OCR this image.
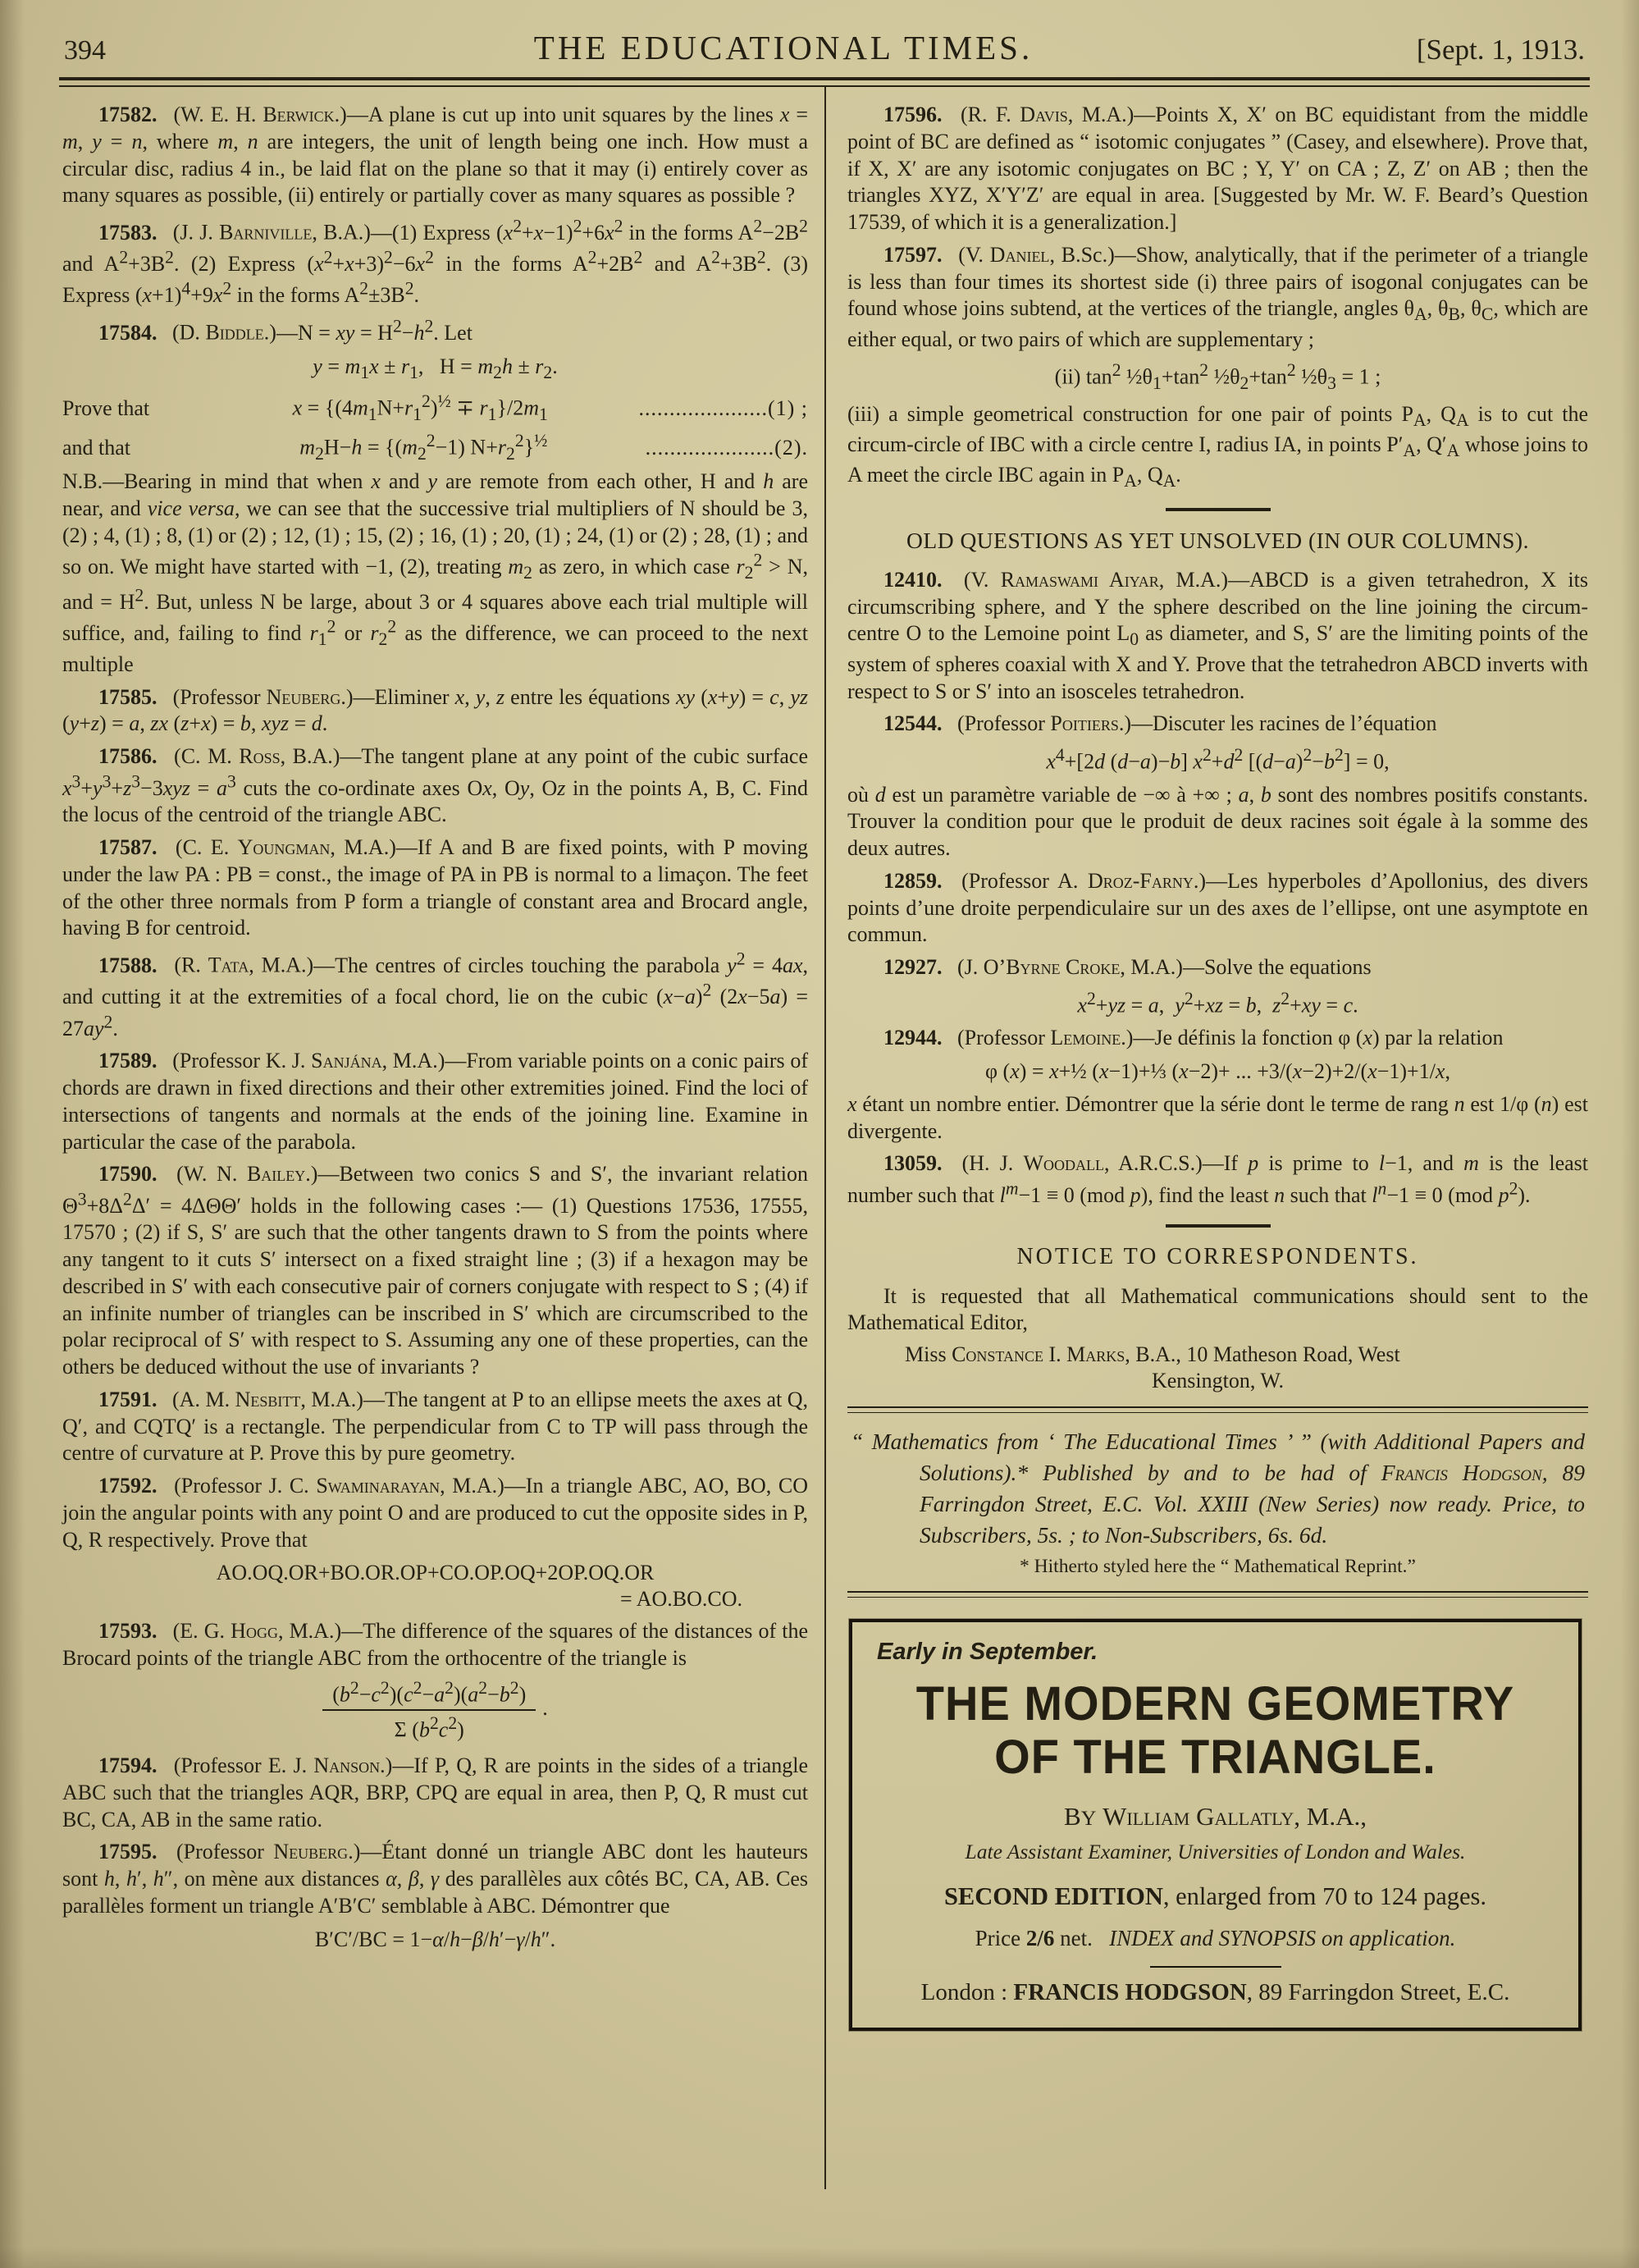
394	THE EDUCATIONAL TIMES.	[Sept. 1, 1913.

17582. (W. E. H. Berwick.)—A plane is cut up into unit squares by the lines x = m, y = n, where m, n are integers, the unit of length being one inch. How must a circular disc, radius 4 in., be laid flat on the plane so that it may (i) entirely cover as many squares as possible, (ii) entirely or partially cover as many squares as possible ?

17583. (J. J. Barniville, B.A.)—(1) Express $(x^2+x-1)^2+6x^2$ in the forms $A^2-2B^2$ and $A^2+3B^2$. (2) Express $(x^2+x+3)^2-6x^2$ in the forms $A^2+2B^2$ and $A^2+3B^2$. (3) Express $(x+1)^4+9x^2$ in the forms $A^2\pm 3B^2$.

17584. (D. Biddle.)—N = xy = $H^2-h^2$. Let

$y = m_1x \pm r_1$,   $H = m_2h \pm r_2$.
Prove that	$x = \{(4m_1N+r_1^2)^{\frac{1}{2}} \mp r_1\}/2m_1$	.....................(1) ;
and that	$m_2H-h = \{(m_2^2-1)$ $N+r_2^2\}^{\frac{1}{2}}$	.....................(2).

N.B.—Bearing in mind that when x and y are remote from each other, H and h are near, and vice versa, we can see that the successive trial multipliers of N should be 3, (2) ; 4, (1) ; 8, (1) or (2) ; 12, (1) ; 15, (2) ; 16, (1) ; 20, (1) ; 24, (1) or (2) ; 28, (1) ; and so on. We might have started with −1, (2), treating $m_2$ as zero, in which case $r_2^2 > N$, and = $H^2$. But, unless N be large, about 3 or 4 squares above each trial multiple will suffice, and, failing to find $r_1^2$ or $r_2^2$ as the difference, we can proceed to the next multiple

17585. (Professor Neuberg.)—Eliminer x, y, z entre les équations xy (x+y) = c, yz (y+z) = a, zx (z+x) = b, xyz = d.

17586. (C. M. Ross, B.A.)—The tangent plane at any point of the cubic surface $x^3+y^3+z^3-3xyz = a^3$ cuts the co-ordinate axes Ox, Oy, Oz in the points A, B, C. Find the locus of the centroid of the triangle ABC.

17587. (C. E. Youngman, M.A.)—If A and B are fixed points, with P moving under the law PA : PB = const., the image of PA in PB is normal to a limaçon. The feet of the other three normals from P form a triangle of constant area and Brocard angle, having B for centroid.

17588. (R. Tata, M.A.)—The centres of circles touching the parabola $y^2 = 4ax$, and cutting it at the extremities of a focal chord, lie on the cubic $(x-a)^2$ $(2x-5a) = 27ay^2$.

17589. (Professor K. J. Sanjána, M.A.)—From variable points on a conic pairs of chords are drawn in fixed directions and their other extremities joined. Find the loci of intersections of tangents and normals at the ends of the joining line. Examine in particular the case of the parabola.

17590. (W. N. Bailey.)—Between two conics S and S′, the invariant relation $\Theta^3+8\Delta^2\Delta' = 4\Delta\Theta\Theta'$ holds in the following cases :— (1) Questions 17536, 17555, 17570 ; (2) if S, S′ are such that the other tangents drawn to S from the points where any tangent to it cuts S′ intersect on a fixed straight line ; (3) if a hexagon may be described in S′ with each consecutive pair of corners conjugate with respect to S ; (4) if an infinite number of triangles can be inscribed in S′ which are circumscribed to the polar reciprocal of S′ with respect to S. Assuming any one of these properties, can the others be deduced without the use of invariants ?

17591. (A. M. Nesbitt, M.A.)—The tangent at P to an ellipse meets the axes at Q, Q′, and CQTQ′ is a rectangle. The perpendicular from C to TP will pass through the centre of curvature at P. Prove this by pure geometry.

17592. (Professor J. C. Swaminarayan, M.A.)—In a triangle ABC, AO, BO, CO join the angular points with any point O and are produced to cut the opposite sides in P, Q, R respectively. Prove that

AO.OQ.OR+BO.OR.OP+CO.OP.OQ+2OP.OQ.OR
= AO.BO.CO.

17593. (E. G. Hogg, M.A.)—The difference of the squares of the distances of the Brocard points of the triangle ABC from the orthocentre of the triangle is

$\frac{(b^2-c^2)(c^2-a^2)(a^2-b^2)}{\Sigma (b^2c^2)}$ .

17594. (Professor E. J. Nanson.)—If P, Q, R are points in the sides of a triangle ABC such that the triangles AQR, BRP, CPQ are equal in area, then P, Q, R must cut BC, CA, AB in the same ratio.

17595. (Professor Neuberg.)—Étant donné un triangle ABC dont les hauteurs sont h, h′, h″, on mène aux distances α, β, γ des parallèles aux côtés BC, CA, AB. Ces parallèles forment un triangle A′B′C′ semblable à ABC. Démontrer que

B′C′/BC = 1−α/h−β/h′−γ/h″.

17596. (R. F. Davis, M.A.)—Points X, X′ on BC equidistant from the middle point of BC are defined as “ isotomic conjugates ” (Casey, and elsewhere). Prove that, if X, X′ are any isotomic conjugates on BC ; Y, Y′ on CA ; Z, Z′ on AB ; then the triangles XYZ, X′Y′Z′ are equal in area. [Suggested by Mr. W. F. Beard’s Question 17539, of which it is a generalization.]

17597. (V. Daniel, B.Sc.)—Show, analytically, that if the perimeter of a triangle is less than four times its shortest side (i) three pairs of isogonal conjugates can be found whose joins subtend, at the vertices of the triangle, angles $\theta_A$, $\theta_B$, $\theta_C$, which are either equal, or two pairs of which are supplementary ;

(ii) $\tan^2$ $\frac{1}{2}\theta_1+\tan^2$ $\frac{1}{2}\theta_2+\tan^2$ $\frac{1}{2}\theta_3 = 1$ ;

(iii) a simple geometrical construction for one pair of points $P_A$, $Q_A$ is to cut the circum-circle of IBC with a circle centre I, radius IA, in points $P'_A$, $Q'_A$ whose joins to A meet the circle IBC again in $P_A$, $Q_A$.

OLD QUESTIONS AS YET UNSOLVED (IN OUR COLUMNS).

12410. (V. Ramaswami Aiyar, M.A.)—ABCD is a given tetrahedron, X its circumscribing sphere, and Y the sphere described on the line joining the circum-centre O to the Lemoine point $L_0$ as diameter, and S, S′ are the limiting points of the system of spheres coaxial with X and Y. Prove that the tetrahedron ABCD inverts with respect to S or S′ into an isosceles tetrahedron.

12544. (Professor Poitiers.)—Discuter les racines de l’équation

$x^4+[2d$ (d−a)−b] $x^2+d^2$ $[(d-a)^2-b^2] = 0$,

où d est un paramètre variable de −∞ à +∞ ; a, b sont des nombres positifs constants. Trouver la condition pour que le produit de deux racines soit égale à la somme des deux autres.

12859. (Professor A. Droz-Farny.)—Les hyperboles d’Apollonius, des divers points d’une droite perpendiculaire sur un des axes de l’ellipse, ont une asymptote en commun.

12927. (J. O’Byrne Croke, M.A.)—Solve the equations

$x^2+yz = a$,  $y^2+xz = b$,  $z^2+xy = c$.

12944. (Professor Lemoine.)—Je définis la fonction φ (x) par la relation

φ (x) = x+½ (x−1)+⅓ (x−2)+ ... +3/(x−2)+2/(x−1)+1/x,

x étant un nombre entier. Démontrer que la série dont le terme de rang n est 1/φ (n) est divergente.

13059. (H. J. Woodall, A.R.C.S.)—If p is prime to l−1, and m is the least number such that $l^m-1 \equiv 0$ (mod p), find the least n such that $l^n-1 \equiv 0$ (mod $p^2$).

NOTICE TO CORRESPONDENTS.

It is requested that all Mathematical communications should sent to the Mathematical Editor,

Miss Constance I. Marks, B.A., 10 Matheson Road, West
Kensington, W.

“ Mathematics from ‘ The Educational Times ’ ” (with Additional Papers and Solutions).* Published by and to be had of Francis Hodgson, 89 Farringdon Street, E.C. Vol. XXIII (New Series) now ready. Price, to Subscribers, 5s. ; to Non-Subscribers, 6s. 6d.

* Hitherto styled here the “ Mathematical Reprint.”
Early in September.
THE MODERN GEOMETRY
OF THE TRIANGLE.
BY William Gallatly, M.A.,
Late Assistant Examiner, Universities of London and Wales.
SECOND EDITION, enlarged from 70 to 124 pages.
Price 2/6 net.   INDEX and SYNOPSIS on application.
London : FRANCIS HODGSON, 89 Farringdon Street, E.C.
